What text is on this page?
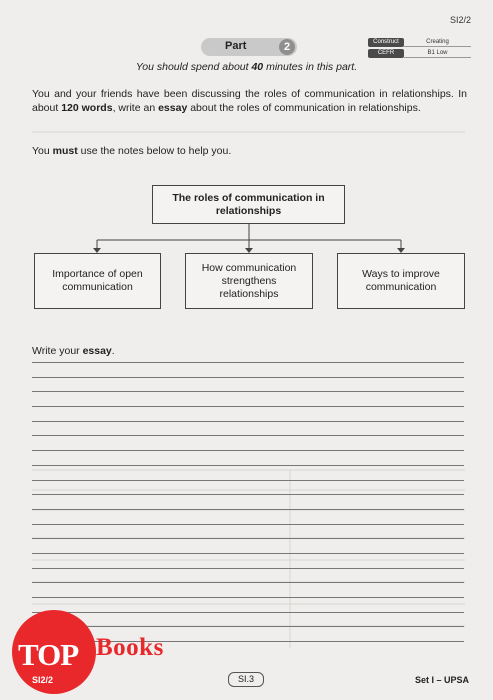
SI2/2
Part	2	Construct	Creating
CEFR	B1 Low
You should spend about 40 minutes in this part.
You and your friends have been discussing the roles of communication in relationships. In about 120 words, write an essay about the roles of communication in relationships.
You must use the notes below to help you.
The roles of communication in relationships
Importance of open communication
How communication strengthens relationships
Ways to improve communication
Write your essay.
TOP
SI2/2
Books
SI.3	Set I – UPSA
